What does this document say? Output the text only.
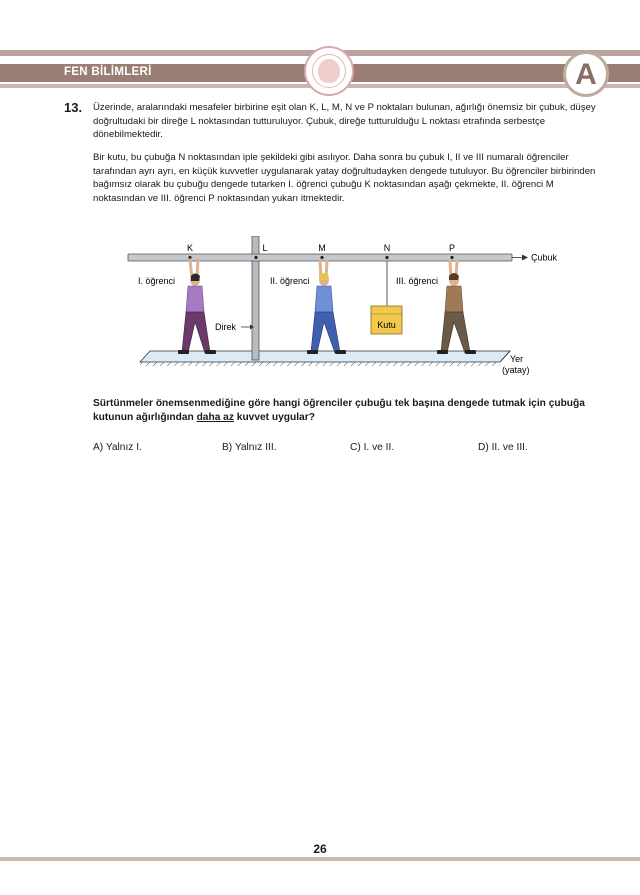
FEN BİLİMLERİ	A
13. Üzerinde, aralarındaki mesafeler birbirine eşit olan K, L, M, N ve P noktaları bulunan, ağırlığı önemsiz bir çubuk, düşey doğrultudaki bir direğe L noktasından tutturuluyor. Çubuk, direğe tutturulduğu L noktası etrafında serbestçe dönebilmektedir.

Bir kutu, bu çubuğa N noktasından iple şekildeki gibi asılıyor. Daha sonra bu çubuk I, II ve III numaralı öğrenciler tarafından ayrı ayrı, en küçük kuvvetler uygulanarak yatay doğrultudayken dengede tutuluyor. Bu öğrenciler birbirinden bağımsız olarak bu çubuğu dengede tutarken I. öğrenci çubuğu K noktasından aşağı çekmekte, II. öğrenci M noktasından ve III. öğrenci P noktasından yukarı itmektedir.

K	L	M	N	P
Çubuk
Kutu
Direk
I. öğrenci	II. öğrenci	III. öğrenci
Yer
(yatay)

Sürtünmeler önemsenmediğine göre hangi öğrenciler çubuğu tek başına dengede tutmak için çubuğa kutunun ağırlığından daha az kuvvet uygular?

A) Yalnız I.	B) Yalnız III.	C) I. ve II.	D) II. ve III.
26
